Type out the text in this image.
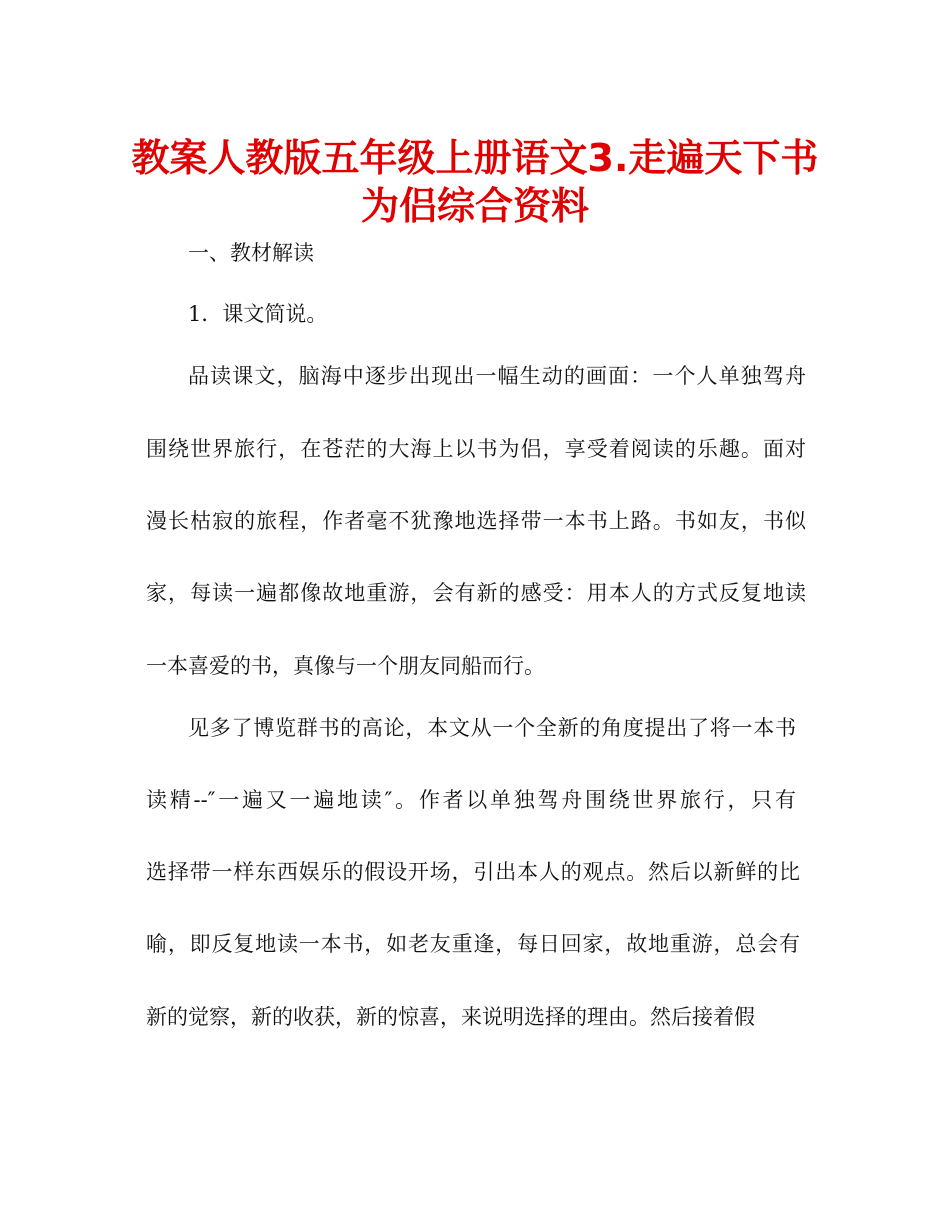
教案人教版五年级上册语文3.走遍天下书
为侣综合资料
一、教材解读
1．课文简说。
品读课文，脑海中逐步出现出一幅生动的画面：一个人单独驾舟
围绕世界旅行，在苍茫的大海上以书为侣，享受着阅读的乐趣。面对
漫长枯寂的旅程，作者毫不犹豫地选择带一本书上路。书如友，书似
家，每读一遍都像故地重游，会有新的感受：用本人的方式反复地读
一本喜爱的书，真像与一个朋友同船而行。
见多了博览群书的高论，本文从一个全新的角度提出了将一本书
读精--″一遍又一遍地读″。作者以单独驾舟围绕世界旅行，只有
选择带一样东西娱乐的假设开场，引出本人的观点。然后以新鲜的比
喻，即反复地读一本书，如老友重逢，每日回家，故地重游，总会有
新的觉察，新的收获，新的惊喜，来说明选择的理由。然后接着假
